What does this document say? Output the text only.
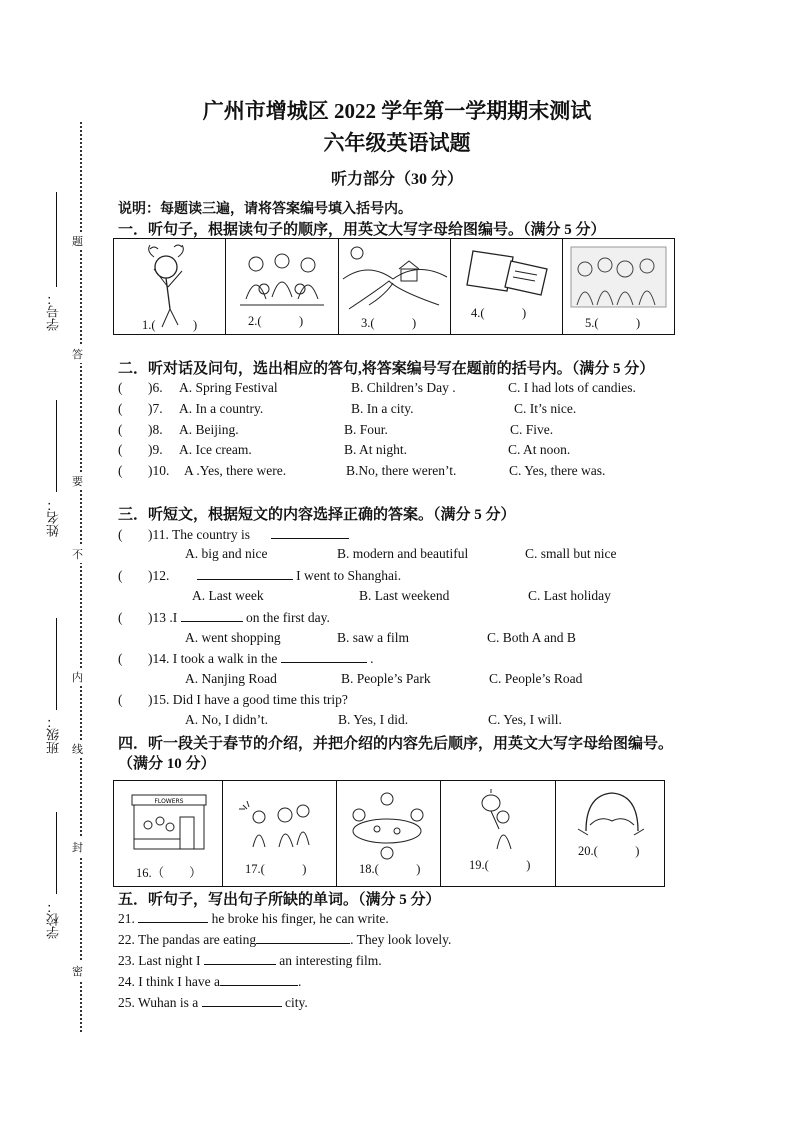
题
答
要
不
内
线
封
密
学号：
姓名：
班级：
学校：
广州市增城区 2022 学年第一学期期末测试
六年级英语试题
听力部分（30 分）
说明：每题读三遍，请将答案编号填入括号内。
一．听句子，根据读句子的顺序，用英文大写字母给图编号。（满分 5 分）
1.(　　　)	2.(　　　)	3.(　　　)
4.(　　　)
5.(　　　)
二．听对话及问句，选出相应的答句,将答案编号写在题前的括号内。（满分 5 分）
( )6. A. Spring Festival	B. Children’s Day .	C. I had lots of candies.
( )7. A. In a country.	B. In a city.	C. It’s nice.
( )8. A. Beijing.	B. Four.	C. Five.
( )9. A. Ice cream.	B. At night.	C. At noon.
( )10. A .Yes, there were.	B.No, there weren’t.	C. Yes, there was.
三．听短文，根据短文的内容选择正确的答案。（满分 5 分）
( )11. The country is
A. big and nice	B. modern and beautiful	C. small but nice
( )12.	I went to Shanghai.
A. Last week	B. Last weekend	C. Last holiday
( )13 .I	on the first day.
A. went shopping	B. saw a film	C. Both A and B
( )14. I took a walk in the	.
A. Nanjing Road	B. People’s Park	C. People’s Road
( )15. Did I have a good time this trip?
A. No, I didn’t.	B. Yes, I did.	C. Yes, I will.
四．听一段关于春节的介绍，并把介绍的内容先后顺序，用英文大写字母给图编号。
（满分 10 分）
FLOWERS
16.（　　）	17.(　　　)	18.(　　　)	19.(　　　)
20.(　　　)
五．听句子，写出句子所缺的单词。（满分 5 分）
21.	he broke his finger, he can write.
22. The pandas are eating	. They look lovely.
23. Last night I	an interesting film.
24. I think I have a	.
25. Wuhan is a	city.
